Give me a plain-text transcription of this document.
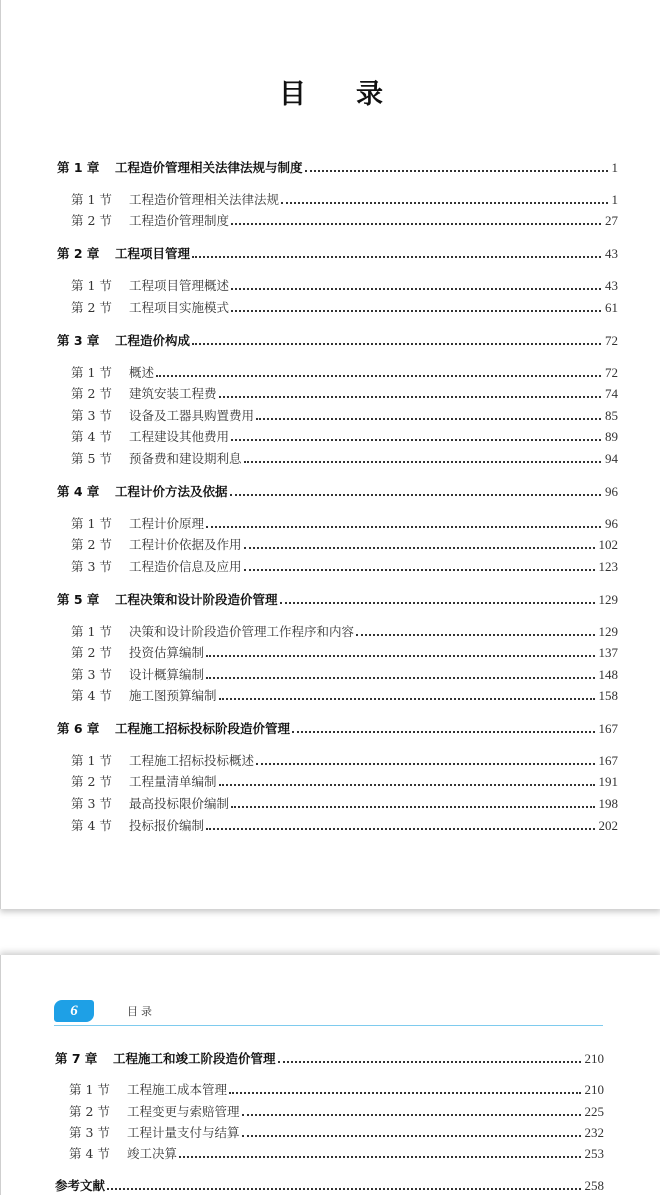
目 录
第 1 章	工程造价管理相关法律法规与制度	1
第 1 节	工程造价管理相关法律法规	1
第 2 节	工程造价管理制度	27
第 2 章	工程项目管理	43
第 1 节	工程项目管理概述	43
第 2 节	工程项目实施模式	61
第 3 章	工程造价构成	72
第 1 节	概述	72
第 2 节	建筑安装工程费	74
第 3 节	设备及工器具购置费用	85
第 4 节	工程建设其他费用	89
第 5 节	预备费和建设期利息	94
第 4 章	工程计价方法及依据	96
第 1 节	工程计价原理	96
第 2 节	工程计价依据及作用	102
第 3 节	工程造价信息及应用	123
第 5 章	工程决策和设计阶段造价管理	129
第 1 节	决策和设计阶段造价管理工作程序和内容	129
第 2 节	投资估算编制	137
第 3 节	设计概算编制	148
第 4 节	施工图预算编制	158
第 6 章	工程施工招标投标阶段造价管理	167
第 1 节	工程施工招标投标概述	167
第 2 节	工程量清单编制	191
第 3 节	最高投标限价编制	198
第 4 节	投标报价编制	202
第 7 章	工程施工和竣工阶段造价管理	210
第 1 节	工程施工成本管理	210
第 2 节	工程变更与索赔管理	225
第 3 节	工程计量支付与结算	232
第 4 节	竣工决算	253
参考文献	258
6	目录
